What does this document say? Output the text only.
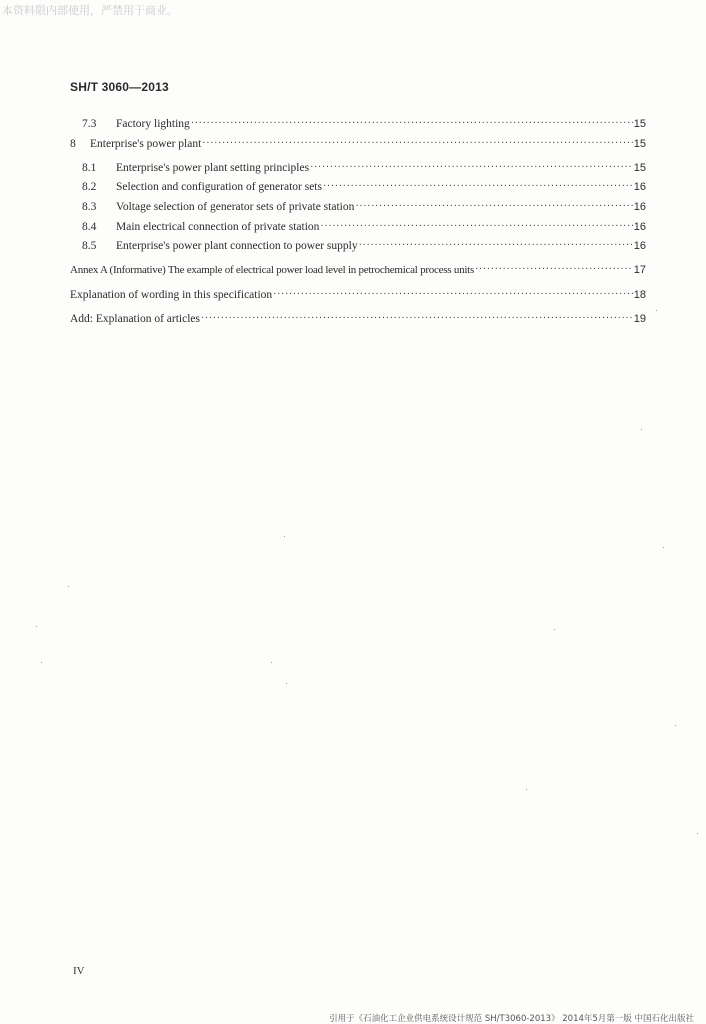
本资料限内部使用，严禁用于商业。
SH/T 3060—2013
7.3	Factory lighting ·····	15
8	Enterprise's power plant ·····	15
8.1	Enterprise's power plant setting principles ·····	15
8.2	Selection and configuration of generator sets ·····	16
8.3	Voltage selection of generator sets of private station ·····	16
8.4	Main electrical connection of private station ·····	16
8.5	Enterprise's power plant connection to power supply ·····	16
Annex A (Informative) The example of electrical power load level in petrochemical process units ·····	17
Explanation of wording in this specification ·····	18
Add: Explanation of articles ·····	19
IV
引用于《石油化工企业供电系统设计规范 SH/T3060-2013》 2014年5月第一版 中国石化出版社
